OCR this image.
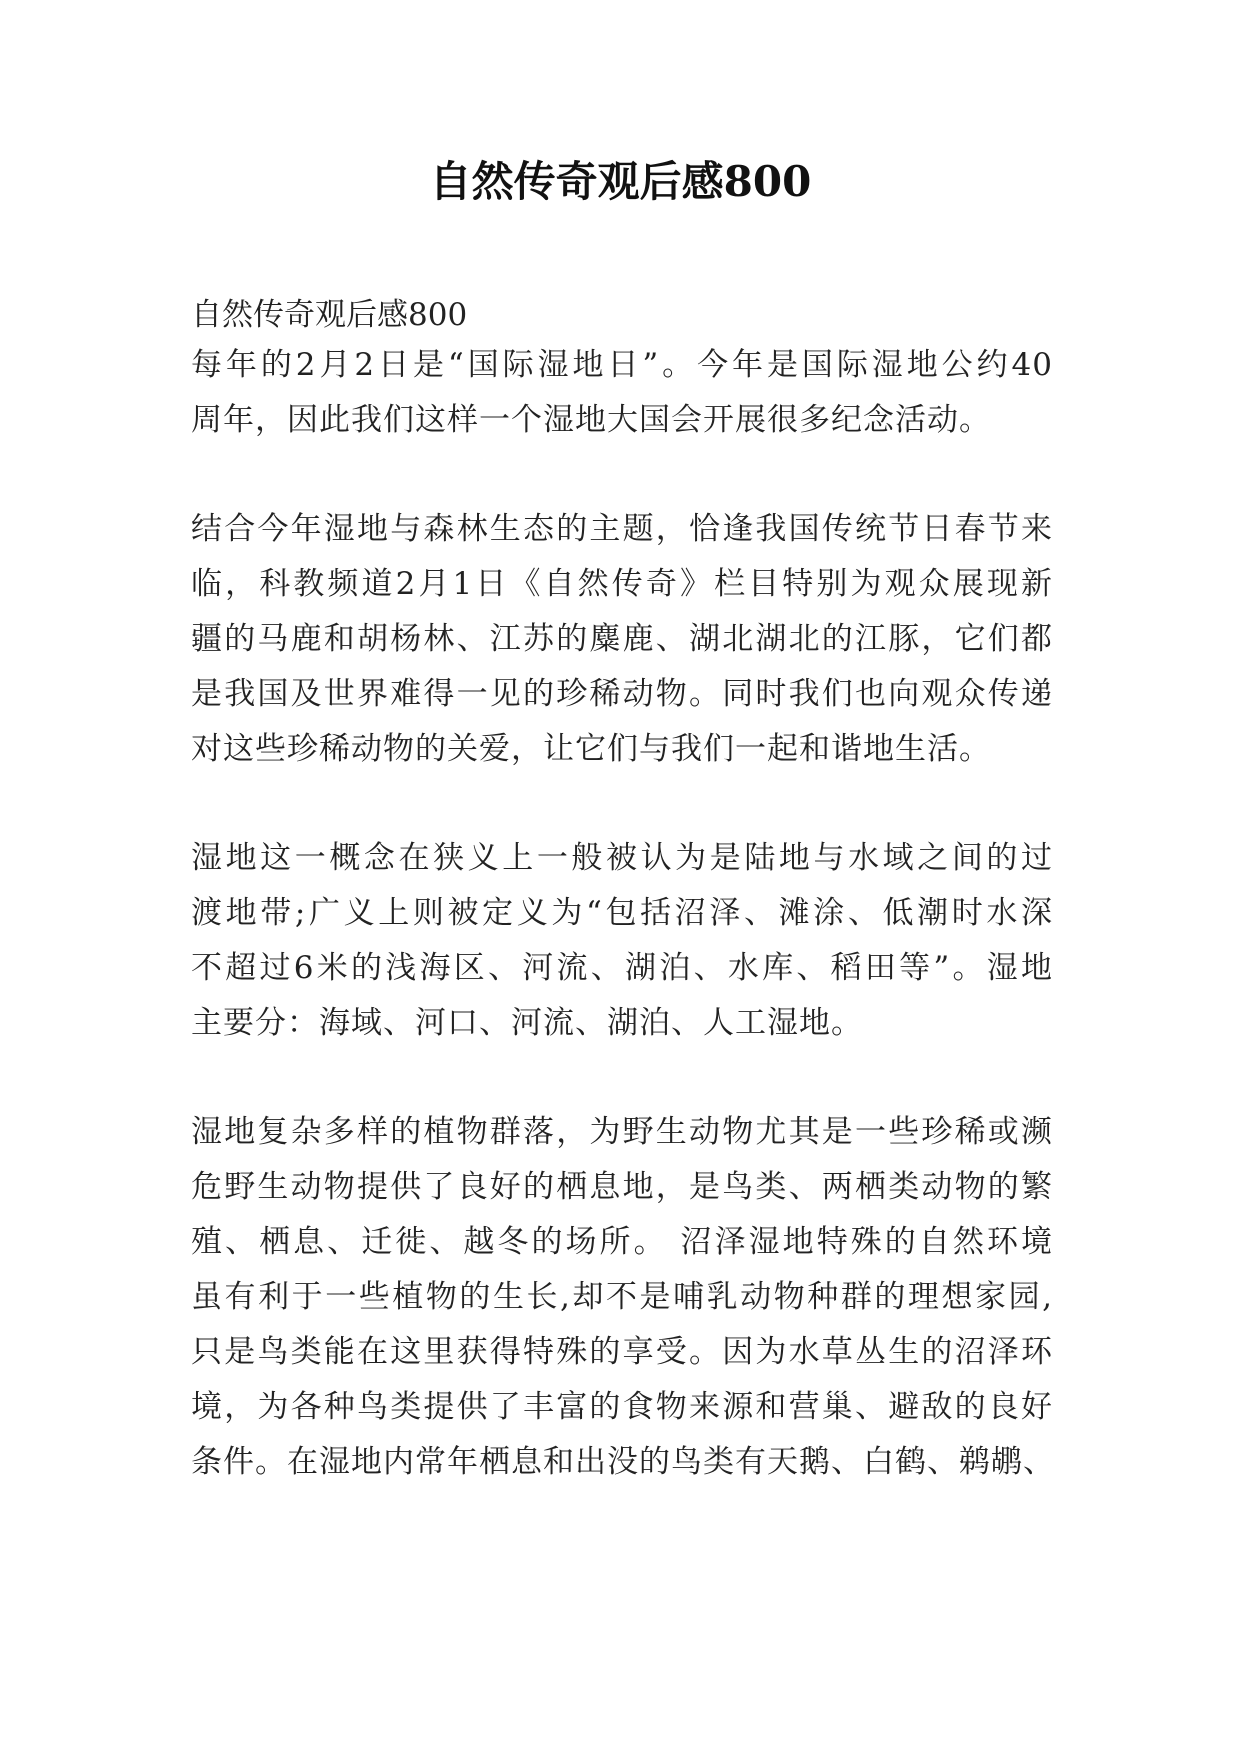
自然传奇观后感800
自然传奇观后感800
每年的2月2日是“国际湿地日”。今年是国际湿地公约40
周年，因此我们这样一个湿地大国会开展很多纪念活动。
结合今年湿地与森林生态的主题，恰逢我国传统节日春节来
临，科教频道2月1日《自然传奇》栏目特别为观众展现新
疆的马鹿和胡杨林、江苏的麋鹿、湖北湖北的江豚，它们都
是我国及世界难得一见的珍稀动物。同时我们也向观众传递
对这些珍稀动物的关爱，让它们与我们一起和谐地生活。
湿地这一概念在狭义上一般被认为是陆地与水域之间的过
渡地带;广义上则被定义为“包括沼泽、滩涂、低潮时水深
不超过6米的浅海区、河流、湖泊、水库、稻田等”。湿地
主要分：海域、河口、河流、湖泊、人工湿地。
湿地复杂多样的植物群落，为野生动物尤其是一些珍稀或濒
危野生动物提供了良好的栖息地，是鸟类、两栖类动物的繁
殖、栖息、迁徙、越冬的场所。 沼泽湿地特殊的自然环境
虽有利于一些植物的生长,却不是哺乳动物种群的理想家园,
只是鸟类能在这里获得特殊的享受。因为水草丛生的沼泽环
境，为各种鸟类提供了丰富的食物来源和营巢、避敌的良好
条件。在湿地内常年栖息和出没的鸟类有天鹅、白鹤、鹈鹕、
